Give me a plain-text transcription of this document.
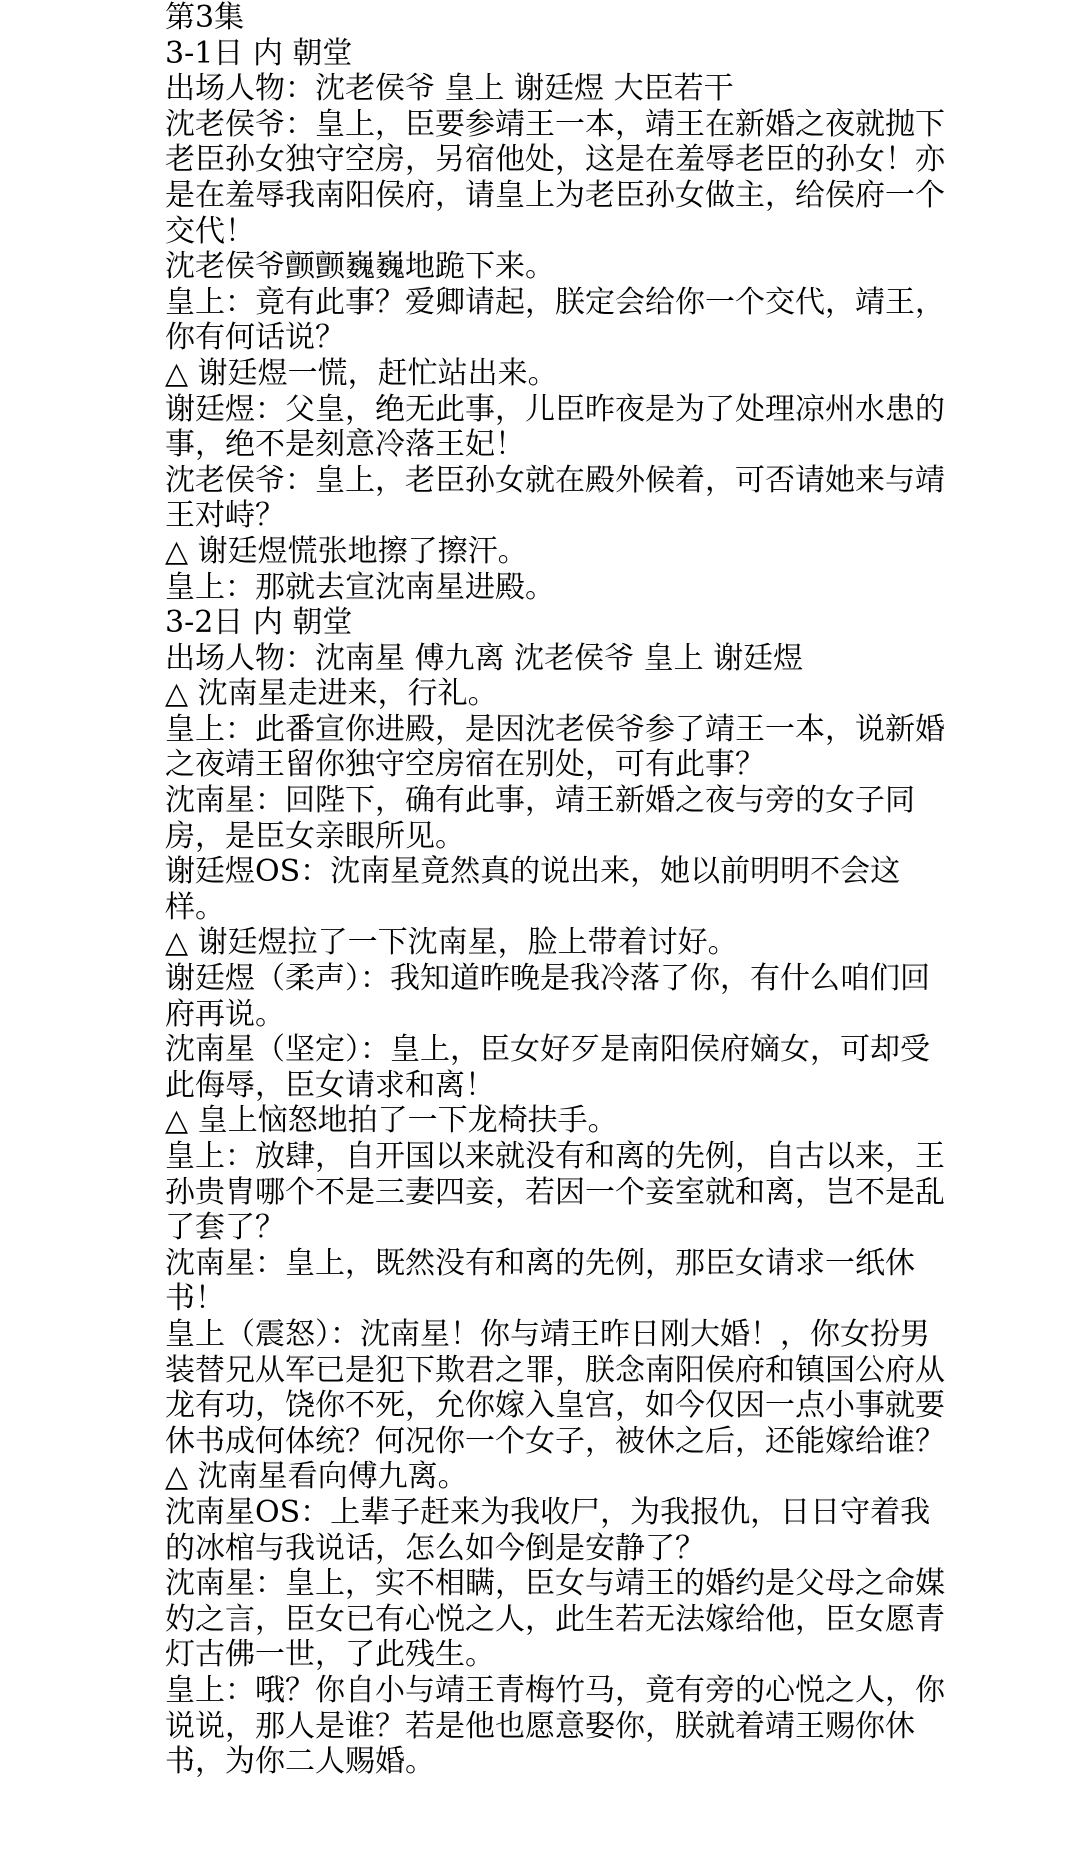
第3集

3-1日 内 朝堂

出场人物：沈老侯爷 皇上 谢廷煜 大臣若干

沈老侯爷：皇上，臣要参靖王一本，靖王在新婚之夜就抛下老臣孙女独守空房，另宿他处，这是在羞辱老臣的孙女！亦是在羞辱我南阳侯府，请皇上为老臣孙女做主，给侯府一个交代！

沈老侯爷颤颤巍巍地跪下来。

皇上：竟有此事？爱卿请起，朕定会给你一个交代，靖王，你有何话说？

△ 谢廷煜一慌，赶忙站出来。

谢廷煜：父皇，绝无此事，儿臣昨夜是为了处理凉州水患的事，绝不是刻意冷落王妃！

沈老侯爷：皇上，老臣孙女就在殿外候着，可否请她来与靖王对峙？

△ 谢廷煜慌张地擦了擦汗。

皇上：那就去宣沈南星进殿。

3-2日 内 朝堂

出场人物：沈南星 傅九离 沈老侯爷 皇上 谢廷煜

△ 沈南星走进来，行礼。

皇上：此番宣你进殿，是因沈老侯爷参了靖王一本，说新婚之夜靖王留你独守空房宿在别处，可有此事？

沈南星：回陛下，确有此事，靖王新婚之夜与旁的女子同房，是臣女亲眼所见。

谢廷煜OS：沈南星竟然真的说出来，她以前明明不会这样。

△ 谢廷煜拉了一下沈南星，脸上带着讨好。

谢廷煜（柔声）：我知道昨晚是我冷落了你，有什么咱们回府再说。

沈南星（坚定）：皇上，臣女好歹是南阳侯府嫡女，可却受此侮辱，臣女请求和离！

△ 皇上恼怒地拍了一下龙椅扶手。

皇上：放肆，自开国以来就没有和离的先例，自古以来，王孙贵胄哪个不是三妻四妾，若因一个妾室就和离，岂不是乱了套了？

沈南星：皇上，既然没有和离的先例，那臣女请求一纸休书！

皇上（震怒）：沈南星！你与靖王昨日刚大婚！，你女扮男装替兄从军已是犯下欺君之罪，朕念南阳侯府和镇国公府从龙有功，饶你不死，允你嫁入皇宫，如今仅因一点小事就要休书成何体统？何况你一个女子，被休之后，还能嫁给谁？

△ 沈南星看向傅九离。

沈南星OS：上辈子赶来为我收尸，为我报仇，日日守着我的冰棺与我说话，怎么如今倒是安静了？

沈南星：皇上，实不相瞒，臣女与靖王的婚约是父母之命媒妁之言，臣女已有心悦之人，此生若无法嫁给他，臣女愿青灯古佛一世，了此残生。

皇上：哦？你自小与靖王青梅竹马，竟有旁的心悦之人，你说说，那人是谁？若是他也愿意娶你，朕就着靖王赐你休书，为你二人赐婚。
